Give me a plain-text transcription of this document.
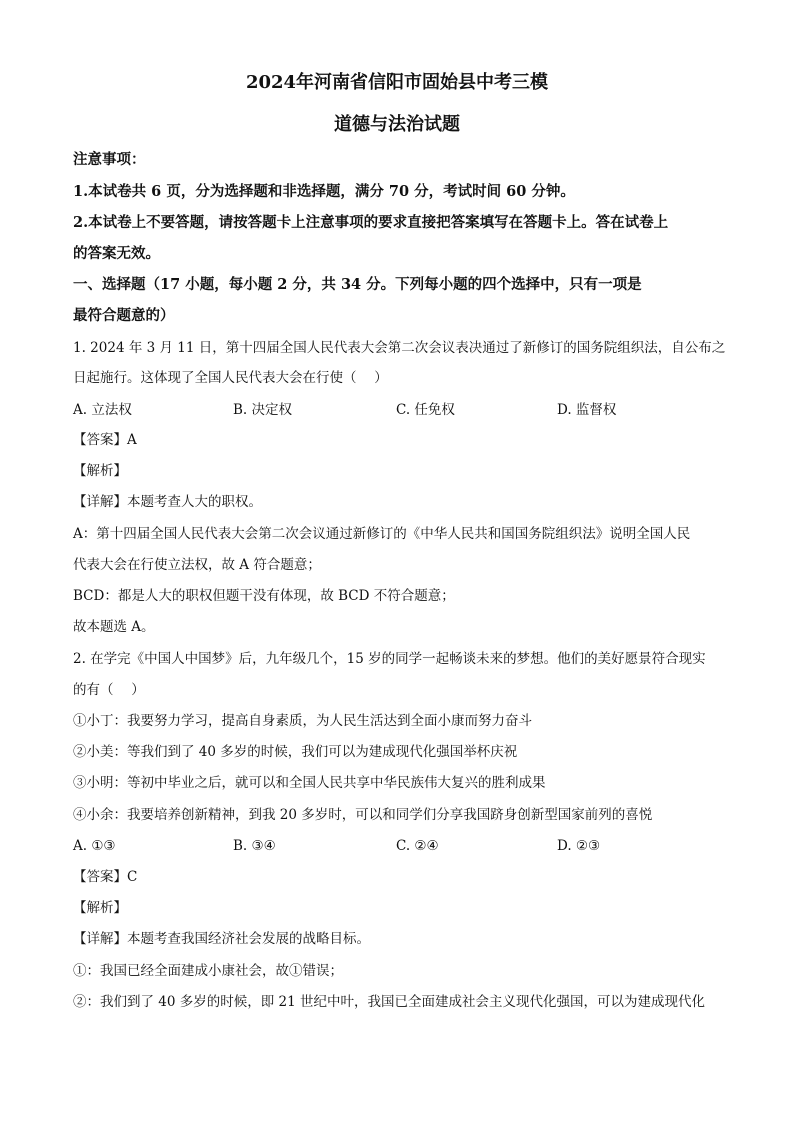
2024年河南省信阳市固始县中考三模
道德与法治试题
注意事项：
1.本试卷共 6 页，分为选择题和非选择题，满分 70 分，考试时间 60 分钟。
2.本试卷上不要答题，请按答题卡上注意事项的要求直接把答案填写在答题卡上。答在试卷上
的答案无效。
一、选择题（17 小题，每小题 2 分，共 34 分。下列每小题的四个选择中，只有一项是
最符合题意的）
1. 2024 年 3 月 11 日，第十四届全国人民代表大会第二次会议表决通过了新修订的国务院组织法，自公布之
日起施行。这体现了全国人民代表大会在行使（　 ）
A. 立法权	B. 决定权	C. 任免权	D. 监督权
【答案】A
【解析】
【详解】本题考查人大的职权。
A：第十四届全国人民代表大会第二次会议通过新修订的《中华人民共和国国务院组织法》说明全国人民
代表大会在行使立法权，故 A 符合题意；
BCD：都是人大的职权但题干没有体现，故 BCD 不符合题意；
故本题选 A。
2. 在学完《中国人中国梦》后，九年级几个，15 岁的同学一起畅谈未来的梦想。他们的美好愿景符合现实
的有（　 ）
①小丁：我要努力学习，提高自身素质，为人民生活达到全面小康而努力奋斗
②小美：等我们到了 40 多岁的时候，我们可以为建成现代化强国举杯庆祝
③小明：等初中毕业之后，就可以和全国人民共享中华民族伟大复兴的胜利成果
④小余：我要培养创新精神，到我 20 多岁时，可以和同学们分享我国跻身创新型国家前列的喜悦
A. ①③	B. ③④	C. ②④	D. ②③
【答案】C
【解析】
【详解】本题考查我国经济社会发展的战略目标。
①：我国已经全面建成小康社会，故①错误；
②：我们到了 40 多岁的时候，即 21 世纪中叶，我国已全面建成社会主义现代化强国，可以为建成现代化
